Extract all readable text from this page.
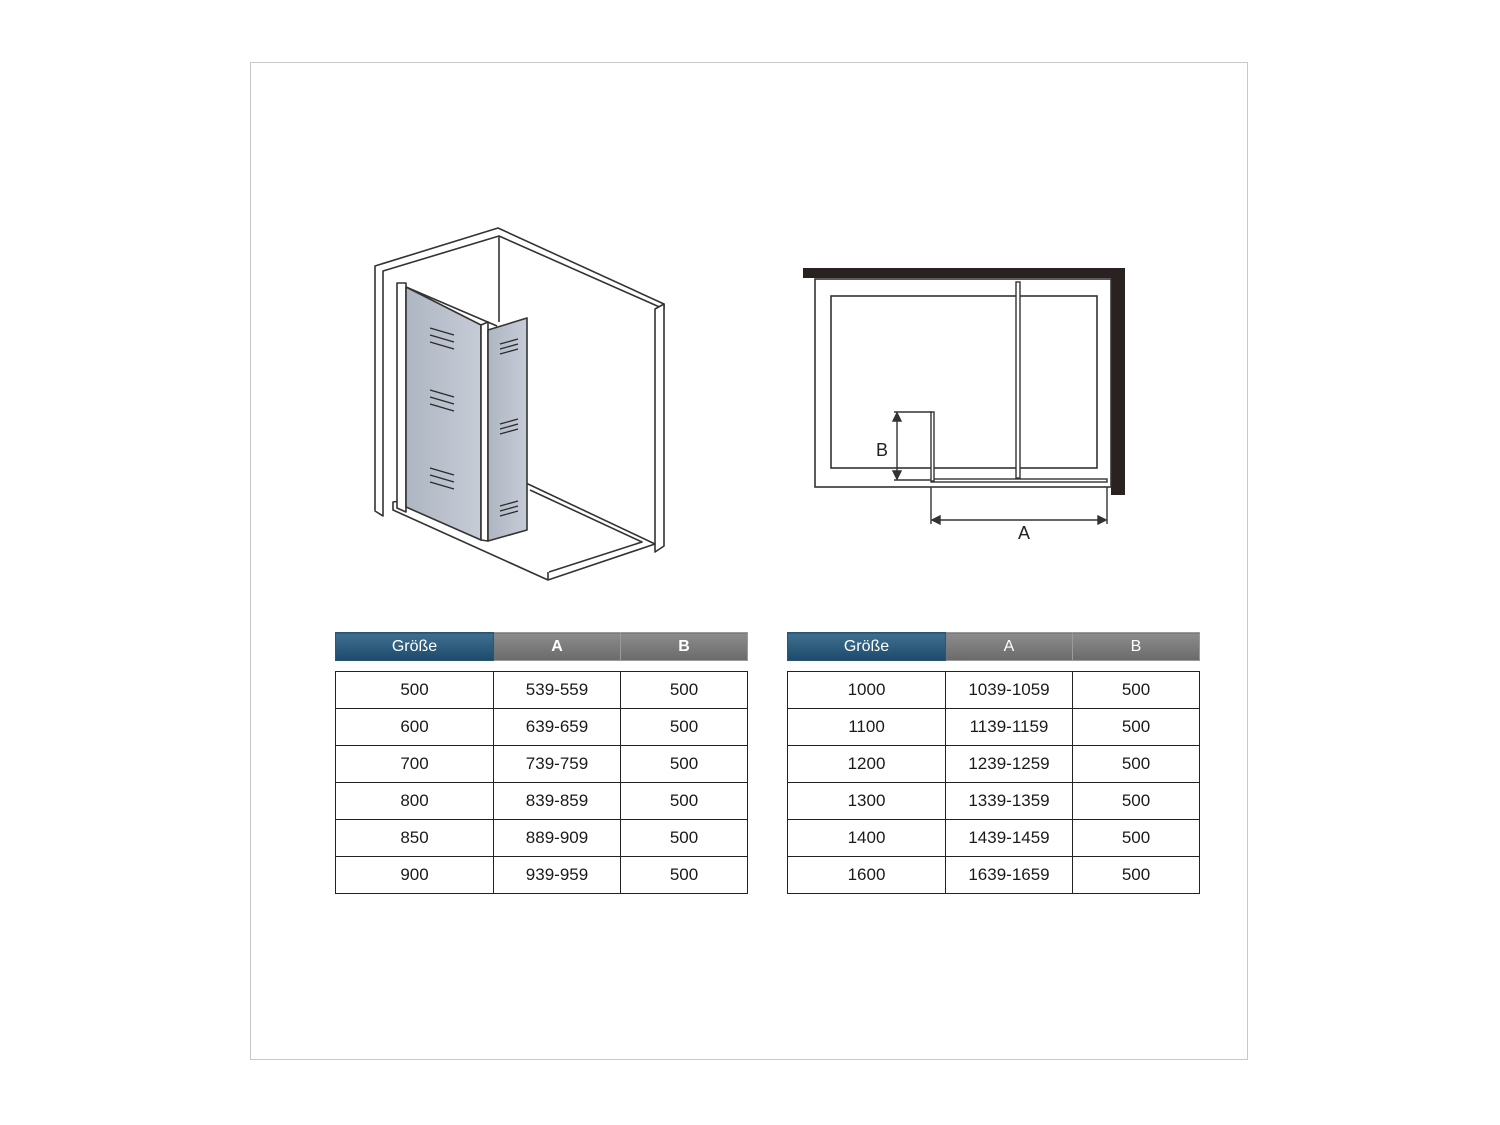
B
A
Größe	A	B

500	539-559	500
600	639-659	500
700	739-759	500
800	839-859	500
850	889-909	500
900	939-959	500
Größe	A	B

1000	1039-1059	500
1100	1139-1159	500
1200	1239-1259	500
1300	1339-1359	500
1400	1439-1459	500
1600	1639-1659	500
